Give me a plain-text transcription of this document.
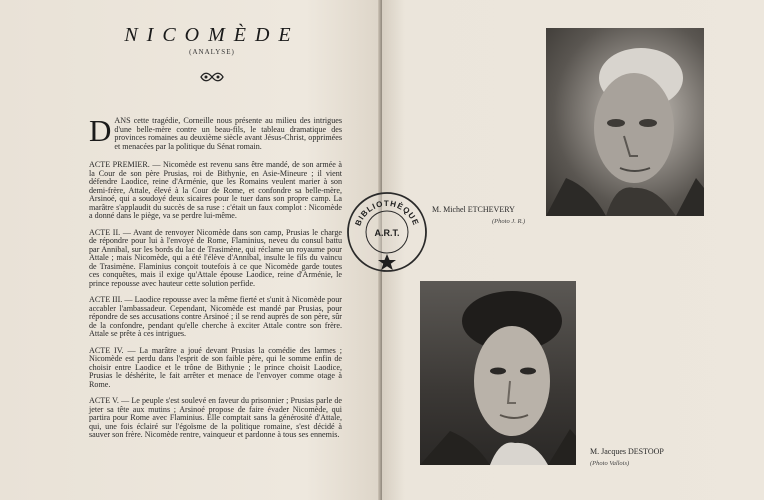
NICOMÈDE
(ANALYSE)
D ANS cette tragédie, Corneille nous présente au milieu des intrigues d'une belle-mère contre un beau-fils, le tableau dramatique des provinces romaines au deuxième siècle avant Jésus-Christ, opprimées et menacées par la politique du Sénat romain.

ACTE PREMIER. — Nicomède est revenu sans être mandé, de son armée à la Cour de son père Prusias, roi de Bithynie, en Asie-Mineure ; il vient défendre Laodice, reine d'Arménie, que les Romains veulent marier à son demi-frère, Attale, élevé à la Cour de Rome, et confondre sa belle-mère, Arsinoé, qui a soudoyé deux sicaires pour le tuer dans son propre camp. La marâtre s'applaudit du succès de sa ruse : c'était un faux complot : Nicomède a donné dans le piège, va se perdre lui-même.

ACTE II. — Avant de renvoyer Nicomède dans son camp, Prusias le charge de répondre pour lui à l'envoyé de Rome, Flaminius, neveu du consul battu par Annibal, sur les bords du lac de Trasimène, qui réclame un royaume pour Attale ; mais Nicomède, qui a été l'élève d'Annibal, insulte le fils du vaincu de Trasimène. Flaminius conçoit toutefois à ce que Nicomède garde toutes ces conquêtes, mais il exige qu'Attale épouse Laodice, reine d'Arménie, le prince repousse avec hauteur cette solution perfide.

ACTE III. — Laodice repousse avec la même fierté et s'unit à Nicomède pour accabler l'ambassadeur. Cependant, Nicomède est mandé par Prusias, pour répondre de ses accusations contre Arsinoé ; il se rend auprès de son père, sûr de la confondre, pendant qu'elle cherche à exciter Attale contre son frère. Attale se prête à ces intrigues.

ACTE IV. — La marâtre a joué devant Prusias la comédie des larmes ; Nicomède est perdu dans l'esprit de son faible père, qui le somme enfin de choisir entre Laodice et le trône de Bithynie ; le prince choisit Laodice, Prusias le déshérite, le fait arrêter et menace de l'envoyer comme otage à Rome.

ACTE V. — Le peuple s'est soulevé en faveur du prisonnier ; Prusias parle de jeter sa tête aux mutins ; Arsinoé propose de faire évader Nicomède, qui partira pour Rome avec Flaminius. Elle comptait sans la générosité d'Attale, qui, une fois éclairé sur l'égoïsme de la politique romaine, s'est décidé à sauver son frère. Nicomède rentre, vainqueur et pardonne à tous ses ennemis.

M. Michel ETCHEVERY
(Photo J. R.)
M. Jacques DESTOOP
(Photo Vallois)
BIBLIOTHÈQUE
A.R.T.
